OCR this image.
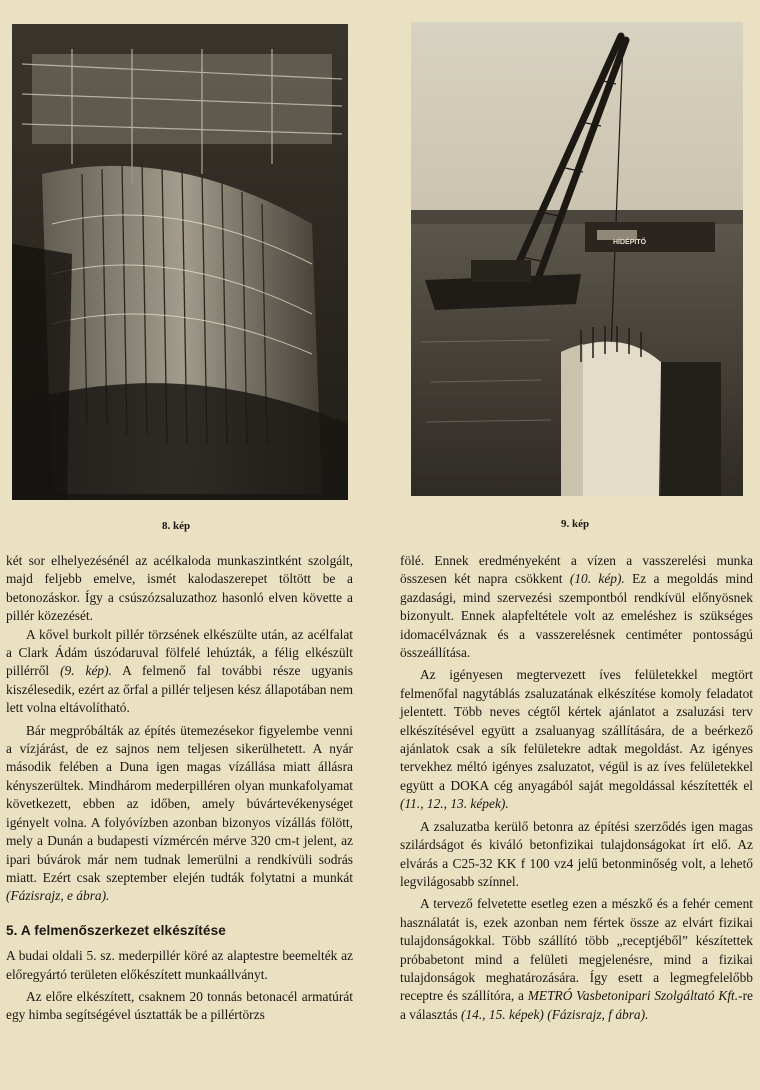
HÍDÉPITŐ
8. kép	9. kép

két sor elhelyezésénél az acélkaloda munkaszintként szolgált, majd feljebb emelve, ismét kalodaszerepet töltött be a betonozáskor. Így a csúszózsaluzathoz hasonló elven követte a pillér közezését.

A kővel burkolt pillér törzsének elkészülte után, az acélfalat a Clark Ádám úszódaruval fölfelé lehúzták, a félig elkészült pillérről (9. kép). A felmenő fal további része ugyanis kiszélesedik, ezért az őrfal a pillér teljesen kész állapotában nem lett volna eltávolítható.

Bár megpróbálták az építés ütemezésekor figyelembe venni a vízjárást, de ez sajnos nem teljesen sikerülhetett. A nyár második felében a Duna igen magas vízállása miatt állásra kényszerültek. Mindhárom mederpilléren olyan munkafolyamat következett, ebben az időben, amely búvártevékenységet igényelt volna. A folyóvízben azonban bizonyos vízállás fölött, mely a Dunán a budapesti vízmércén mérve 320 cm-t jelent, az ipari búvárok már nem tudnak lemerülni a rendkívüli sodrás miatt. Ezért csak szeptember elején tudták folytatni a munkát (Fázisrajz, e ábra).

5. A felmenőszerkezet elkészítése

A budai oldali 5. sz. mederpillér köré az alaptestre beemelték az előregyártó területen előkészített munkaállványt.

Az előre elkészített, csaknem 20 tonnás betonacél armatúrát egy himba segítségével úsztatták be a pillértörzs

fölé. Ennek eredményeként a vízen a vasszerelési munka összesen két napra csökkent (10. kép). Ez a megoldás mind gazdasági, mind szervezési szempontból rendkívül előnyösnek bizonyult. Ennek alapfeltétele volt az emeléshez is szükséges idomacélváznak és a vasszerelésnek centiméter pontosságú összeállítása.

Az igényesen megtervezett íves felületekkel megtört felmenőfal nagytáblás zsaluzatának elkészítése komoly feladatot jelentett. Több neves cégtől kértek ajánlatot a zsaluzási terv elkészítésével együtt a zsaluanyag szállítására, de a beérkező ajánlatok csak a sík felületekre adtak megoldást. Az igényes tervekhez méltó igényes zsaluzatot, végül is az íves felületekkel együtt a DOKA cég anyagából saját megoldással készítették el (11., 12., 13. képek).

A zsaluzatba kerülő betonra az építési szerződés igen magas szilárdságot és kiváló betonfizikai tulajdonságokat írt elő. Az elvárás a C25-32 KK f 100 vz4 jelű betonminőség volt, a lehető legvilágosabb színnel.

A tervező felvetette esetleg ezen a mészkő és a fehér cement használatát is, ezek azonban nem fértek össze az elvárt fizikai tulajdonságokkal. Több szállító több „receptjéből” készítettek próbabetont mind a felületi megjelenésre, mind a fizikai tulajdonságok meghatározására. Így esett a legmegfelelőbb receptre és szállítóra, a METRÓ Vasbetonipari Szolgáltató Kft.-re a választás (14., 15. képek) (Fázisrajz, f ábra).
